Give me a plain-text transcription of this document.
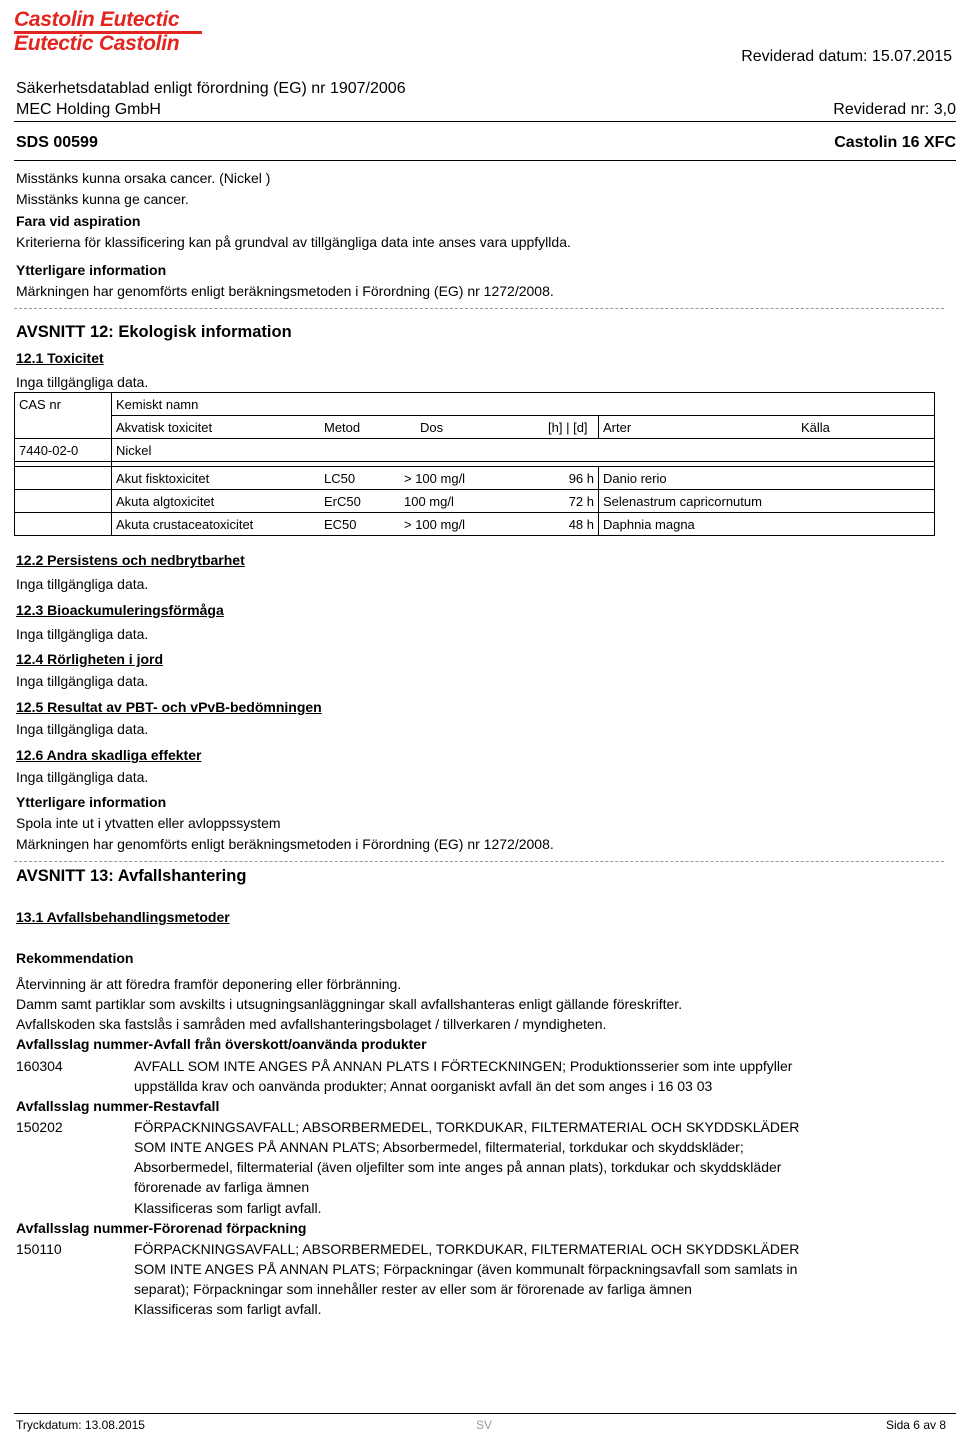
Castolin Eutectic
Eutectic Castolin
Reviderad datum: 15.07.2015
Säkerhetsdatablad enligt förordning (EG) nr 1907/2006
MEC Holding GmbH	Reviderad nr: 3,0
SDS 00599	Castolin 16 XFC
Misstänks kunna orsaka cancer. (Nickel )
Misstänks kunna ge cancer.
Fara vid aspiration
Kriterierna för klassificering kan på grundval av tillgängliga data inte anses vara uppfyllda.
Ytterligare information
Märkningen har genomförts enligt beräkningsmetoden i Förordning (EG) nr 1272/2008.
AVSNITT 12: Ekologisk information
12.1 Toxicitet
Inga tillgängliga data.
CAS nr	Kemiskt namn					
	Akvatisk toxicitet	Metod	Dos	[h] | [d]	Arter	Källa
7440-02-0	Nickel					

	Akut fisktoxicitet	LC50	> 100 mg/l	96 h	Danio rerio	
	Akuta algtoxicitet	ErC50	100 mg/l	72 h	Selenastrum capricornutum	
	Akuta crustaceatoxicitet	EC50	> 100 mg/l	48 h	Daphnia magna	
12.2 Persistens och nedbrytbarhet
Inga tillgängliga data.
12.3 Bioackumuleringsförmåga
Inga tillgängliga data.
12.4 Rörligheten i jord
Inga tillgängliga data.
12.5 Resultat av PBT- och vPvB-bedömningen
Inga tillgängliga data.
12.6 Andra skadliga effekter
Inga tillgängliga data.
Ytterligare information
Spola inte ut i ytvatten eller avloppssystem
Märkningen har genomförts enligt beräkningsmetoden i Förordning (EG) nr 1272/2008.
AVSNITT 13: Avfallshantering
13.1 Avfallsbehandlingsmetoder
Rekommendation
Återvinning är att föredra framför deponering eller förbränning.
Damm samt partiklar som avskilts i utsugningsanläggningar skall avfallshanteras enligt gällande föreskrifter.
Avfallskoden ska fastslås i samråden med avfallshanteringsbolaget / tillverkaren / myndigheten.
Avfallsslag nummer-Avfall från överskott/oanvända produkter
160304	AVFALL SOM INTE ANGES PÅ ANNAN PLATS I FÖRTECKNINGEN; Produktionsserier som inte uppfyller
uppställda krav och oanvända produkter; Annat oorganiskt avfall än det som anges i 16 03 03
Avfallsslag nummer-Restavfall
150202	FÖRPACKNINGSAVFALL; ABSORBERMEDEL, TORKDUKAR, FILTERMATERIAL OCH SKYDDSKLÄDER
SOM INTE ANGES PÅ ANNAN PLATS; Absorbermedel, filtermaterial, torkdukar och skyddskläder;
Absorbermedel, filtermaterial (även oljefilter som inte anges på annan plats), torkdukar och skyddskläder
förorenade av farliga ämnen
Klassificeras som farligt avfall.
Avfallsslag nummer-Förorenad förpackning
150110	FÖRPACKNINGSAVFALL; ABSORBERMEDEL, TORKDUKAR, FILTERMATERIAL OCH SKYDDSKLÄDER
SOM INTE ANGES PÅ ANNAN PLATS; Förpackningar (även kommunalt förpackningsavfall som samlats in
separat); Förpackningar som innehåller rester av eller som är förorenade av farliga ämnen
Klassificeras som farligt avfall.
Tryckdatum: 13.08.2015	SV	Sida 6 av 8
